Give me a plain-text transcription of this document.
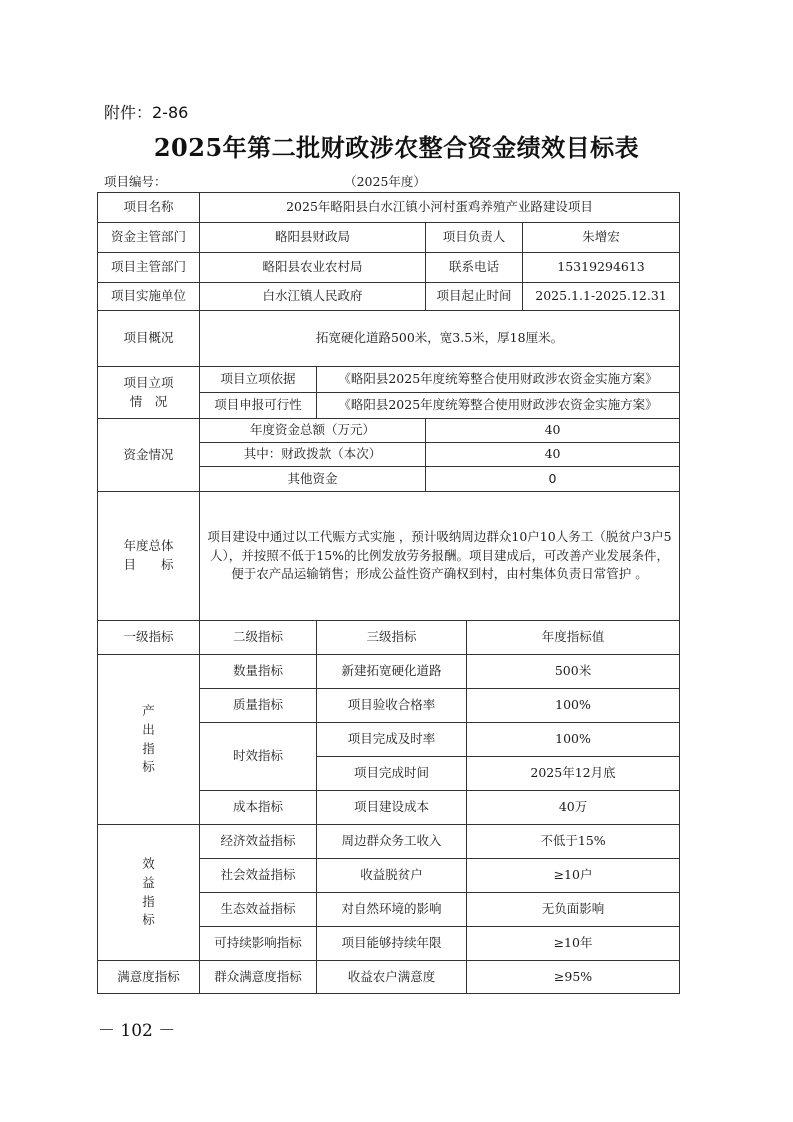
附件：2-86
2025年第二批财政涉农整合资金绩效目标表
项目编号：	（2025年度）
项目名称	2025年略阳县白水江镇小河村蛋鸡养殖产业路建设项目				
资金主管部门	略阳县财政局		项目负责人		朱增宏
项目主管部门	略阳县农业农村局		联系电话		15319294613
项目实施单位	白水江镇人民政府		项目起止时间		2025.1.1-2025.12.31
项目概况	拓宽硬化道路500米，宽3.5米，厚18厘米。				

项目立项
情　况	项目立项依据	《略阳县2025年度统筹整合使用财政涉农资金实施方案》			
	项目申报可行性	《略阳县2025年度统筹整合使用财政涉农资金实施方案》			
资金情况	年度资金总额（万元）		40		
	其中：财政拨款（本次）		40		
	其他资金		0		

年度总体
目　　标	项目建设中通过以工代赈方式实施 ，预计吸纳周边群众10户10人务工（脱贫户3户5人），并按照不低于15%的比例发放劳务报酬。项目建成后，可改善产业发展条件，便于农产品运输销售；形成公益性资产确权到村，由村集体负责日常管护 。				
一级指标	二级指标	三级指标		年度指标值	

产
出
指
标	数量指标	新建拓宽硬化道路		500米	
	质量指标	项目验收合格率		100%	
	时效指标	项目完成及时率		100%	
		项目完成时间		2025年12月底	
	成本指标	项目建设成本		40万	

效
益
指
标	经济效益指标	周边群众务工收入		不低于15%	
	社会效益指标	收益脱贫户		≥10户	
	生态效益指标	对自然环境的影响		无负面影响	
	可持续影响指标	项目能够持续年限		≥10年	
满意度指标	群众满意度指标	收益农户满意度		≥95%	
－ 102 －
